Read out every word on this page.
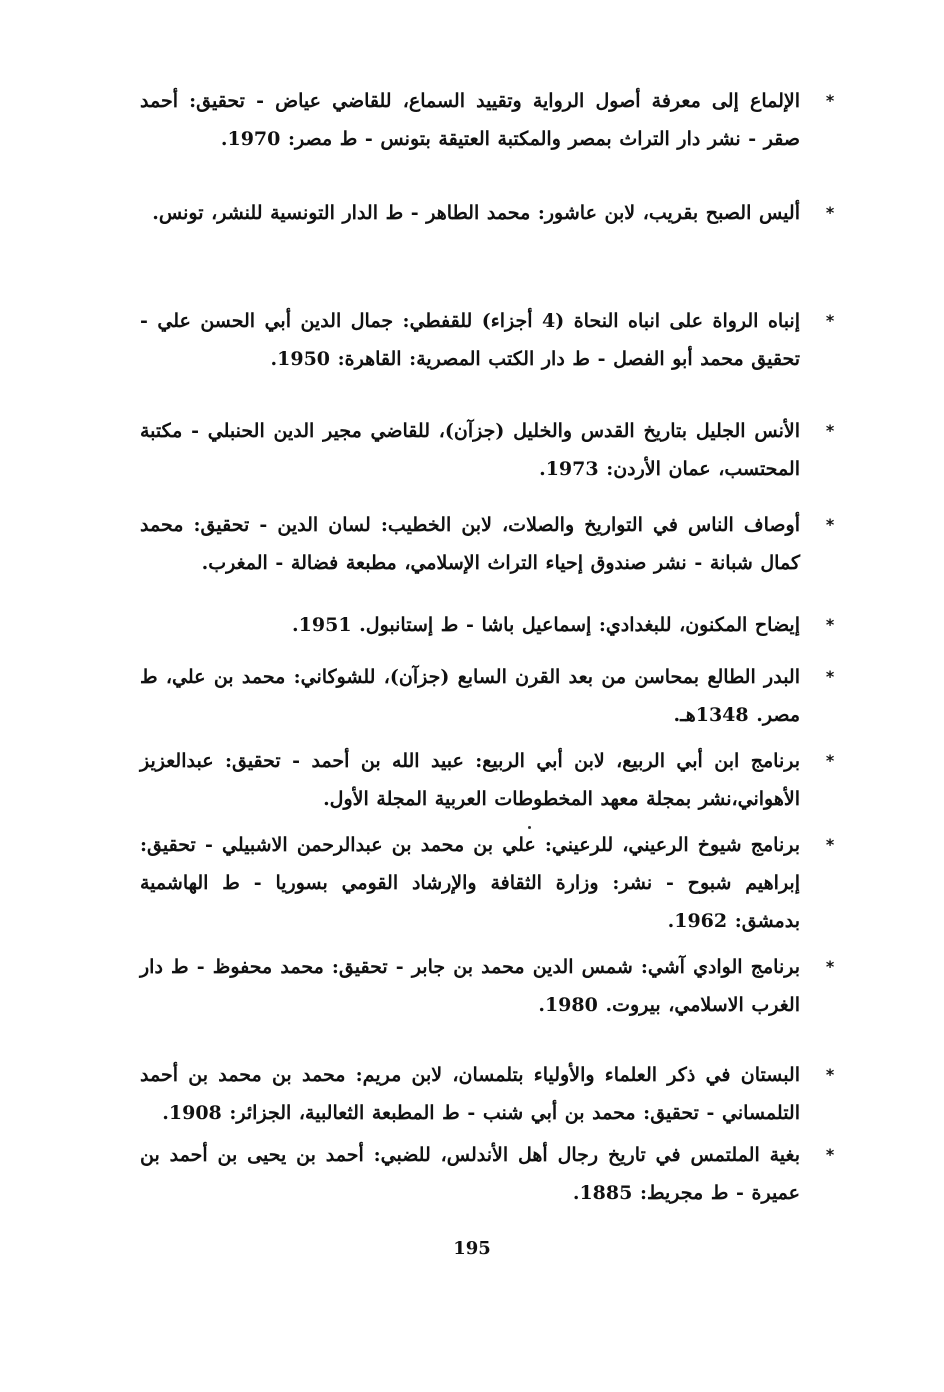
*
الإلماع إلى معرفة أصول الرواية وتقييد السماع، للقاضي عياض - تحقيق: أحمد صقر - نشر دار التراث بمصر والمكتبة العتيقة بتونس - ط مصر: 1970.
*
أليس الصبح بقريب، لابن عاشور: محمد الطاهر - ط الدار التونسية للنشر، تونس.
*
إنباه الرواة على انباه النحاة (4 أجزاء) للقفطي: جمال الدين أبي الحسن علي - تحقيق محمد أبو الفصل - ط دار الكتب المصرية: القاهرة: 1950.
*
الأنس الجليل بتاريخ القدس والخليل (جزآن)، للقاضي مجير الدين الحنبلي - مكتبة المحتسب، عمان الأردن: 1973.
*
أوصاف الناس في التواريخ والصلات، لابن الخطيب: لسان الدين - تحقيق: محمد كمال شبانة - نشر صندوق إحياء التراث الإسلامي، مطبعة فضالة - المغرب.
*
إيضاح المكنون، للبغدادي: إسماعيل باشا - ط إستانبول. 1951.
*
البدر الطالع بمحاسن من بعد القرن السابع (جزآن)، للشوكاني: محمد بن علي، ط مصر. 1348هـ.
*
برنامج ابن أبي الربيع، لابن أبي الربيع: عبيد الله بن أحمد - تحقيق: عبدالعزيز الأهواني،نشر بمجلة معهد المخطوطات العربية المجلة الأول.
*
برنامج شيوخ الرعيني، للرعيني: علي بن محمد بن عبدالرحمن الاشبيلي - تحقيق: إبراهيم شبوح - نشر: وزارة الثقافة والإرشاد القومي بسوريا - ط الهاشمية بدمشق: 1962.
*
برنامج الوادي آشي: شمس الدين محمد بن جابر - تحقيق: محمد محفوظ - ط دار الغرب الاسلامي، بيروت. 1980.
*
البستان في ذكر العلماء والأولياء بتلمسان، لابن مريم: محمد بن محمد بن أحمد التلمساني - تحقيق: محمد بن أبي شنب - ط المطبعة الثعالبية، الجزائر: 1908.
*
بغية الملتمس في تاريخ رجال أهل الأندلس، للضبي: أحمد بن يحيى بن أحمد بن عميرة - ط مجريط: 1885.
195
